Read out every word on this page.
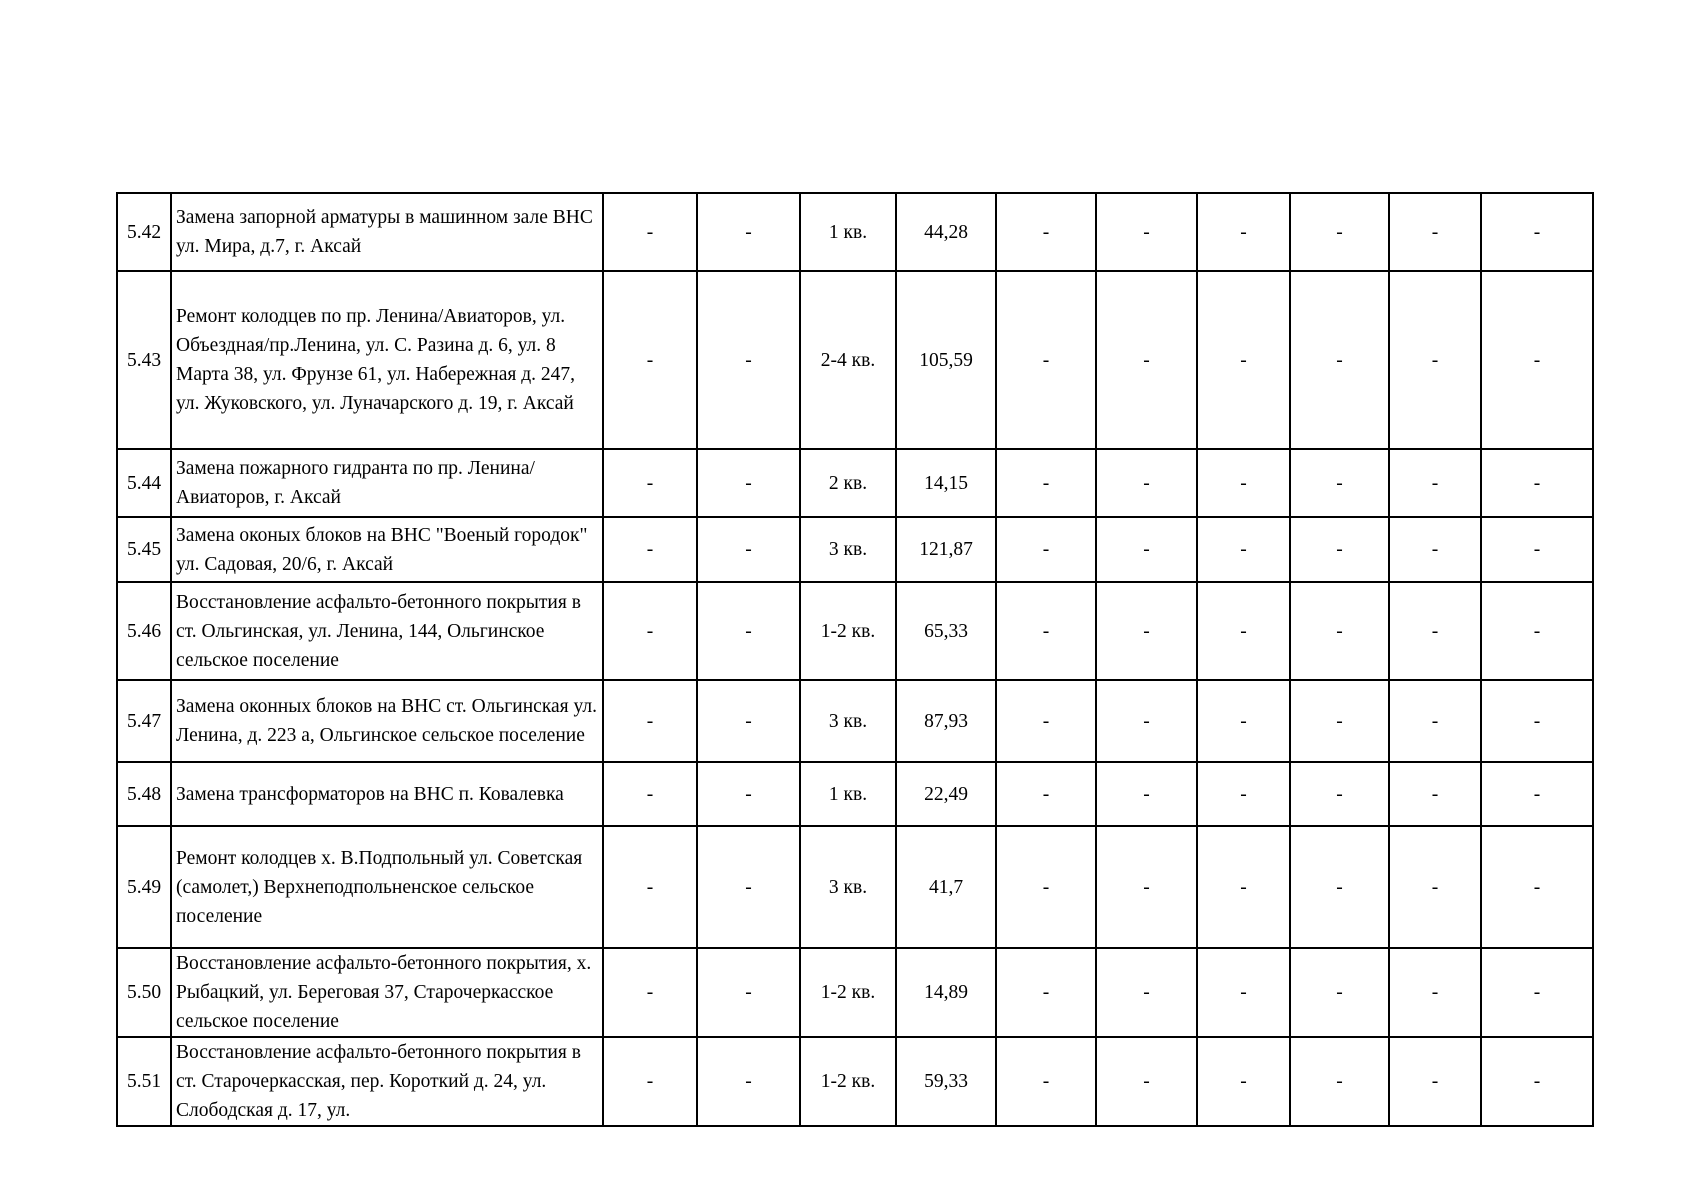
5.42	Замена запорной арматуры в машинном зале ВНС ул. Мира, д.7, г. Аксай	-	-	1 кв.	44,28	-	-	-	-	-	-
5.43	Ремонт колодцев по пр. Ленина/Авиаторов, ул. Объездная/пр.Ленина, ул. С. Разина д. 6, ул. 8 Марта 38, ул. Фрунзе 61, ул. Набережная д. 247, ул. Жуковского, ул. Луначарского д. 19, г. Аксай	-	-	2-4 кв.	105,59	-	-	-	-	-	-
5.44	Замена пожарного гидранта по пр. Ленина/Авиаторов, г. Аксай	-	-	2 кв.	14,15	-	-	-	-	-	-
5.45	Замена оконых блоков на ВНС "Военый городок" ул. Садовая, 20/6, г. Аксай	-	-	3 кв.	121,87	-	-	-	-	-	-
5.46	Восстановление асфальто-бетонного покрытия в ст. Ольгинская, ул. Ленина, 144, Ольгинское сельское поселение	-	-	1-2 кв.	65,33	-	-	-	-	-	-
5.47	Замена оконных блоков на ВНС ст. Ольгинская ул. Ленина, д. 223 а, Ольгинское сельское поселение	-	-	3 кв.	87,93	-	-	-	-	-	-
5.48	Замена трансформаторов на ВНС п. Ковалевка	-	-	1 кв.	22,49	-	-	-	-	-	-
5.49	Ремонт колодцев х. В.Подпольный ул. Советская (самолет,) Верхнеподпольненское сельское поселение	-	-	3 кв.	41,7	-	-	-	-	-	-
5.50	Восстановление асфальто-бетонного покрытия, х. Рыбацкий, ул. Береговая 37, Старочеркасское сельское поселение	-	-	1-2 кв.	14,89	-	-	-	-	-	-
5.51	Восстановление асфальто-бетонного покрытия в ст. Старочеркасская, пер. Короткий д. 24, ул. Слободская д. 17, ул.	-	-	1-2 кв.	59,33	-	-	-	-	-	-
